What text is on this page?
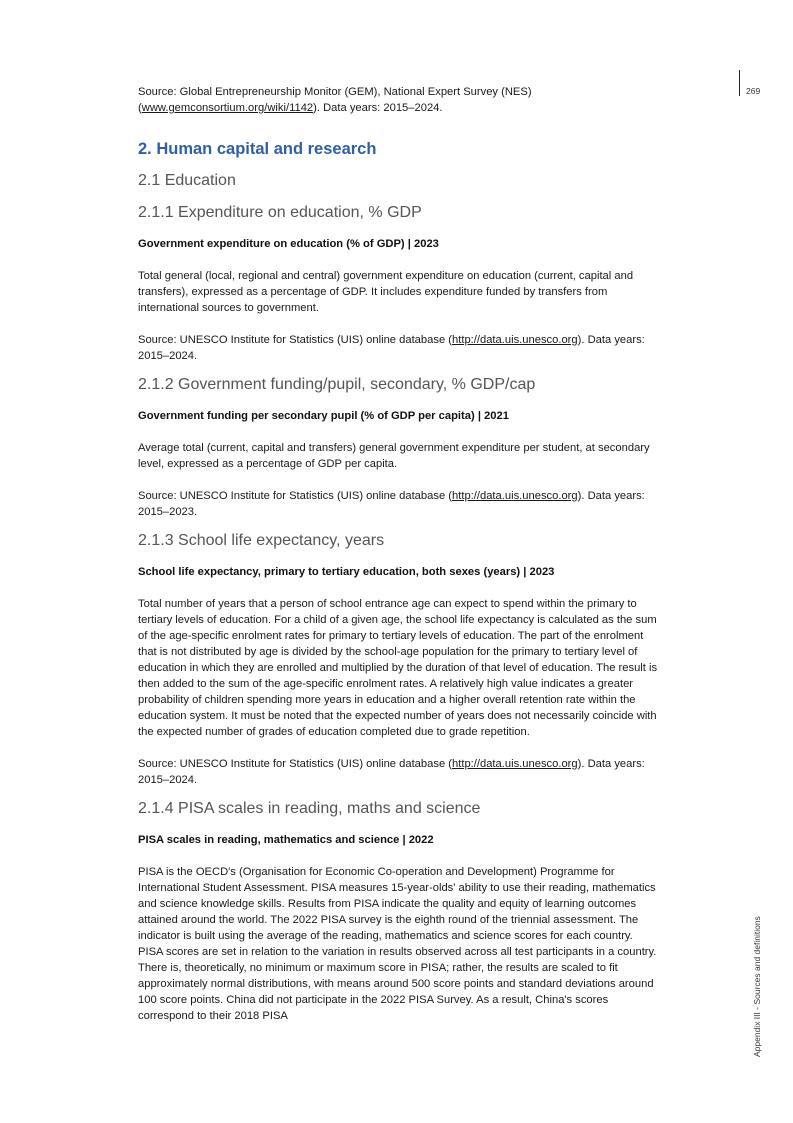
269
Appendix III - Sources and definitions

Source: Global Entrepreneurship Monitor (GEM), National Expert Survey (NES) (www.gemconsortium.org/wiki/1142). Data years: 2015–2024.

2. Human capital and research
2.1 Education
2.1.1 Expenditure on education, % GDP
Government expenditure on education (% of GDP) | 2023

Total general (local, regional and central) government expenditure on education (current, capital and transfers), expressed as a percentage of GDP. It includes expenditure funded by transfers from international sources to government.

Source: UNESCO Institute for Statistics (UIS) online database (http://data.uis.unesco.org). Data years: 2015–2024.

2.1.2 Government funding/pupil, secondary, % GDP/cap
Government funding per secondary pupil (% of GDP per capita) | 2021

Average total (current, capital and transfers) general government expenditure per student, at secondary level, expressed as a percentage of GDP per capita.

Source: UNESCO Institute for Statistics (UIS) online database (http://data.uis.unesco.org). Data years: 2015–2023.

2.1.3 School life expectancy, years
School life expectancy, primary to tertiary education, both sexes (years) | 2023

Total number of years that a person of school entrance age can expect to spend within the primary to tertiary levels of education. For a child of a given age, the school life expectancy is calculated as the sum of the age-specific enrolment rates for primary to tertiary levels of education. The part of the enrolment that is not distributed by age is divided by the school-age population for the primary to tertiary level of education in which they are enrolled and multiplied by the duration of that level of education. The result is then added to the sum of the age-specific enrolment rates. A relatively high value indicates a greater probability of children spending more years in education and a higher overall retention rate within the education system. It must be noted that the expected number of years does not necessarily coincide with the expected number of grades of education completed due to grade repetition.

Source: UNESCO Institute for Statistics (UIS) online database (http://data.uis.unesco.org). Data years: 2015–2024.

2.1.4 PISA scales in reading, maths and science
PISA scales in reading, mathematics and science | 2022

PISA is the OECD's (Organisation for Economic Co-operation and Development) Programme for International Student Assessment. PISA measures 15-year-olds' ability to use their reading, mathematics and science knowledge skills. Results from PISA indicate the quality and equity of learning outcomes attained around the world. The 2022 PISA survey is the eighth round of the triennial assessment. The indicator is built using the average of the reading, mathematics and science scores for each country. PISA scores are set in relation to the variation in results observed across all test participants in a country. There is, theoretically, no minimum or maximum score in PISA; rather, the results are scaled to fit approximately normal distributions, with means around 500 score points and standard deviations around 100 score points. China did not participate in the 2022 PISA Survey. As a result, China's scores correspond to their 2018 PISA
